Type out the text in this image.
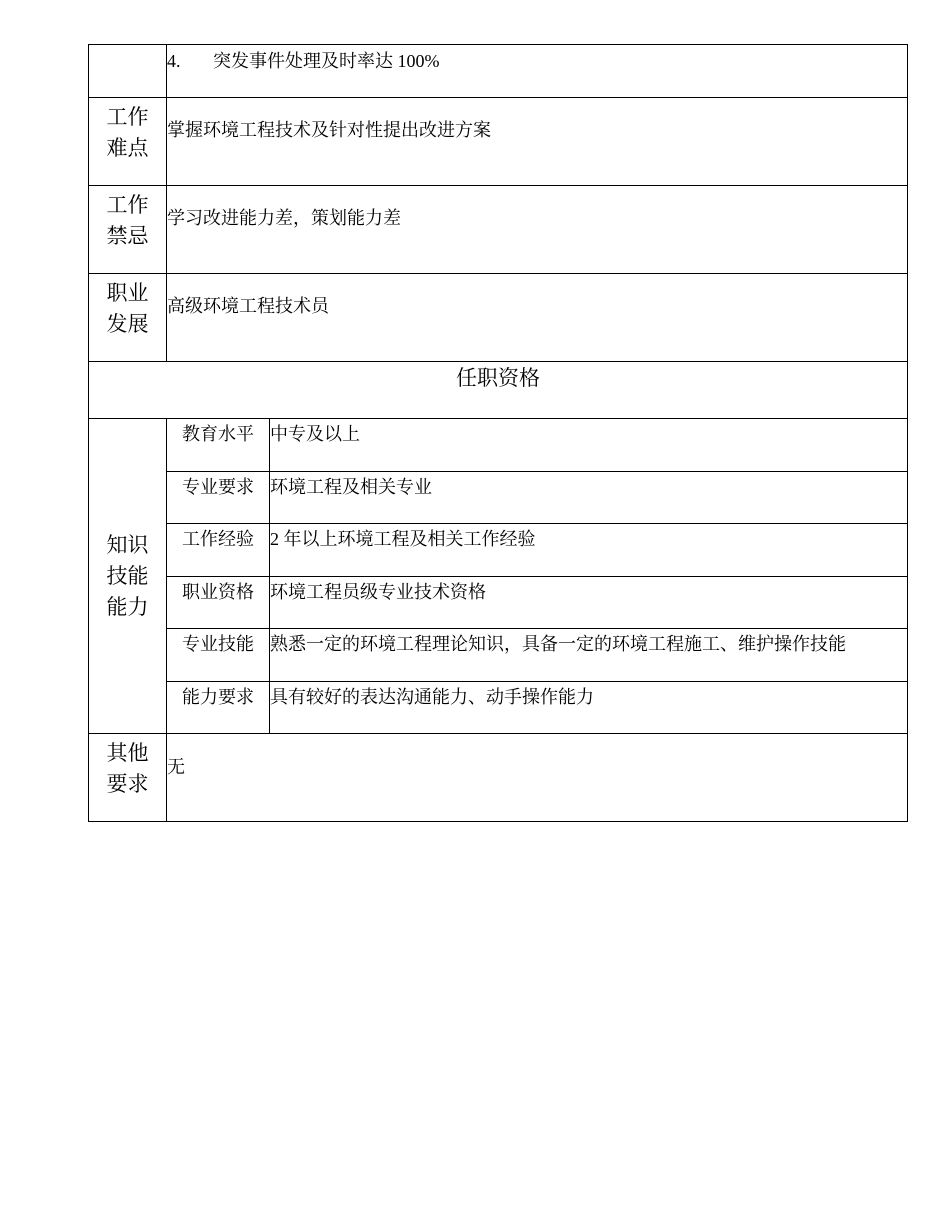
	4. 突发事件处理及时率达 100%	

工作
难点	掌握环境工程技术及针对性提出改进方案	

工作
禁忌	学习改进能力差，策划能力差	

职业
发展	高级环境工程技术员	
任职资格		

知识
技能
能力	教育水平	中专及以上
	专业要求	环境工程及相关专业
	工作经验	2 年以上环境工程及相关工作经验
	职业资格	环境工程员级专业技术资格
	专业技能	熟悉一定的环境工程理论知识，具备一定的环境工程施工、维护操作技能
	能力要求	具有较好的表达沟通能力、动手操作能力

其他
要求	无	
